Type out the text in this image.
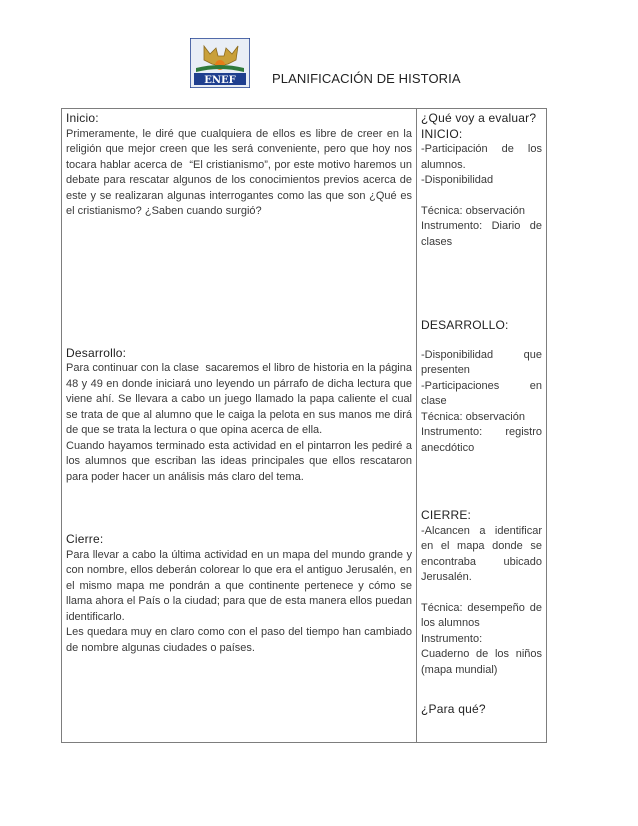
ENEF	PLANIFICACIÓN DE HISTORIA
Inicio:
Primeramente, le diré que cualquiera de ellos es libre de creer en la religión que mejor creen que les será conveniente, pero que hoy nos tocara hablar acerca de  “El cristianismo”, por este motivo haremos un debate para rescatar algunos de los conocimientos previos acerca de este y se realizaran algunas interrogantes como las que son ¿Qué es el cristianismo? ¿Saben cuando surgió?
Desarrollo:
Para continuar con la clase  sacaremos el libro de historia en la página 48 y 49 en donde iniciará uno leyendo un párrafo de dicha lectura que viene ahí. Se llevara a cabo un juego llamado la papa caliente el cual se trata de que al alumno que le caiga la pelota en sus manos me dirá de que se trata la lectura o que opina acerca de ella.
Cuando hayamos terminado esta actividad en el pintarron les pediré a los alumnos que escriban las ideas principales que ellos rescataron para poder hacer un análisis más claro del tema.
Cierre:
Para llevar a cabo la última actividad en un mapa del mundo grande y con nombre, ellos deberán colorear lo que era el antiguo Jerusalén, en el mismo mapa me pondrán a que continente pertenece y cómo se llama ahora el País o la ciudad; para que de esta manera ellos puedan identificarlo.
Les quedara muy en claro como con el paso del tiempo han cambiado de nombre algunas ciudades o países.

¿Qué voy a evaluar?
INICIO:
-Participación de los alumnos.
-Disponibilidad
Técnica: observación
Instrumento: Diario de clases
DESARROLLO:
-Disponibilidad que presenten
-Participaciones en clase
Técnica: observación
Instrumento: registro anecdótico
CIERRE:
-Alcancen a identificar en el mapa donde se encontraba ubicado Jerusalén.
Técnica: desempeño de los alumnos
Instrumento:
Cuaderno de los niños (mapa mundial)
¿Para qué?
